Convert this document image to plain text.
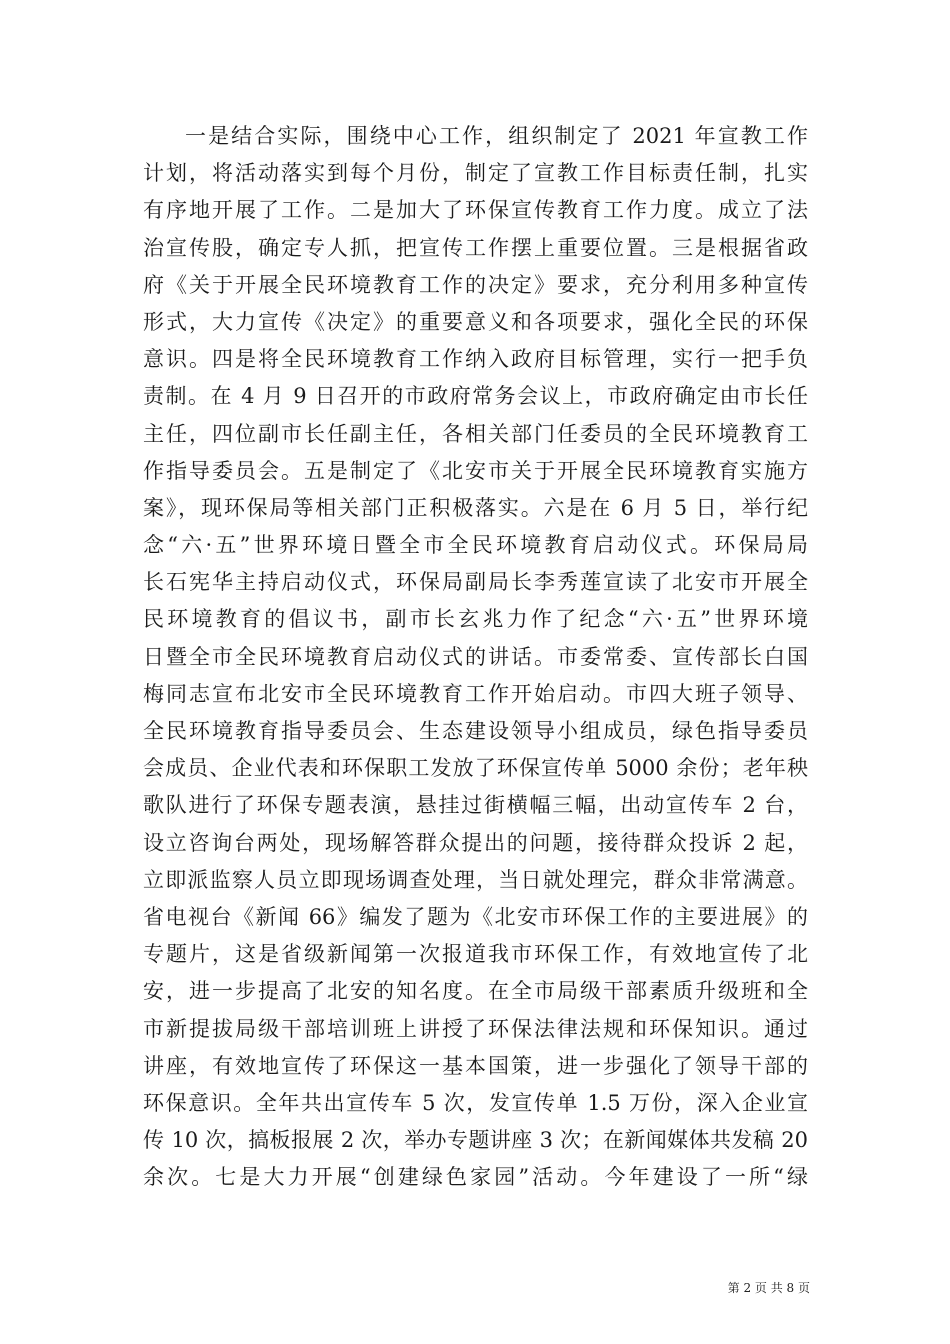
一是结合实际，围绕中心工作，组织制定了 2021 年宣教工作
计划，将活动落实到每个月份，制定了宣教工作目标责任制，扎实
有序地开展了工作。二是加大了环保宣传教育工作力度。成立了法
治宣传股，确定专人抓，把宣传工作摆上重要位置。三是根据省政
府《关于开展全民环境教育工作的决定》要求，充分利用多种宣传
形式，大力宣传《决定》的重要意义和各项要求，强化全民的环保
意识。四是将全民环境教育工作纳入政府目标管理，实行一把手负
责制。在 4 月 9 日召开的市政府常务会议上，市政府确定由市长任
主任，四位副市长任副主任，各相关部门任委员的全民环境教育工
作指导委员会。五是制定了《北安市关于开展全民环境教育实施方
案》，现环保局等相关部门正积极落实。六是在 6 月 5 日，举行纪
念“六·五”世界环境日暨全市全民环境教育启动仪式。环保局局
长石宪华主持启动仪式，环保局副局长李秀莲宣读了北安市开展全
民环境教育的倡议书，副市长玄兆力作了纪念“六·五”世界环境
日暨全市全民环境教育启动仪式的讲话。市委常委、宣传部长白国
梅同志宣布北安市全民环境教育工作开始启动。市四大班子领导、
全民环境教育指导委员会、生态建设领导小组成员，绿色指导委员
会成员、企业代表和环保职工发放了环保宣传单 5000 余份；老年秧
歌队进行了环保专题表演，悬挂过街横幅三幅，出动宣传车 2 台，
设立咨询台两处，现场解答群众提出的问题，接待群众投诉 2 起，
立即派监察人员立即现场调查处理，当日就处理完，群众非常满意。
省电视台《新闻 66》编发了题为《北安市环保工作的主要进展》的
专题片，这是省级新闻第一次报道我市环保工作，有效地宣传了北
安，进一步提高了北安的知名度。在全市局级干部素质升级班和全
市新提拔局级干部培训班上讲授了环保法律法规和环保知识。通过
讲座，有效地宣传了环保这一基本国策，进一步强化了领导干部的
环保意识。全年共出宣传车 5 次，发宣传单 1.5 万份，深入企业宣
传 10 次，搞板报展 2 次，举办专题讲座 3 次；在新闻媒体共发稿 20
余次。七是大力开展“创建绿色家园”活动。今年建设了一所“绿
第 2 页 共 8 页
